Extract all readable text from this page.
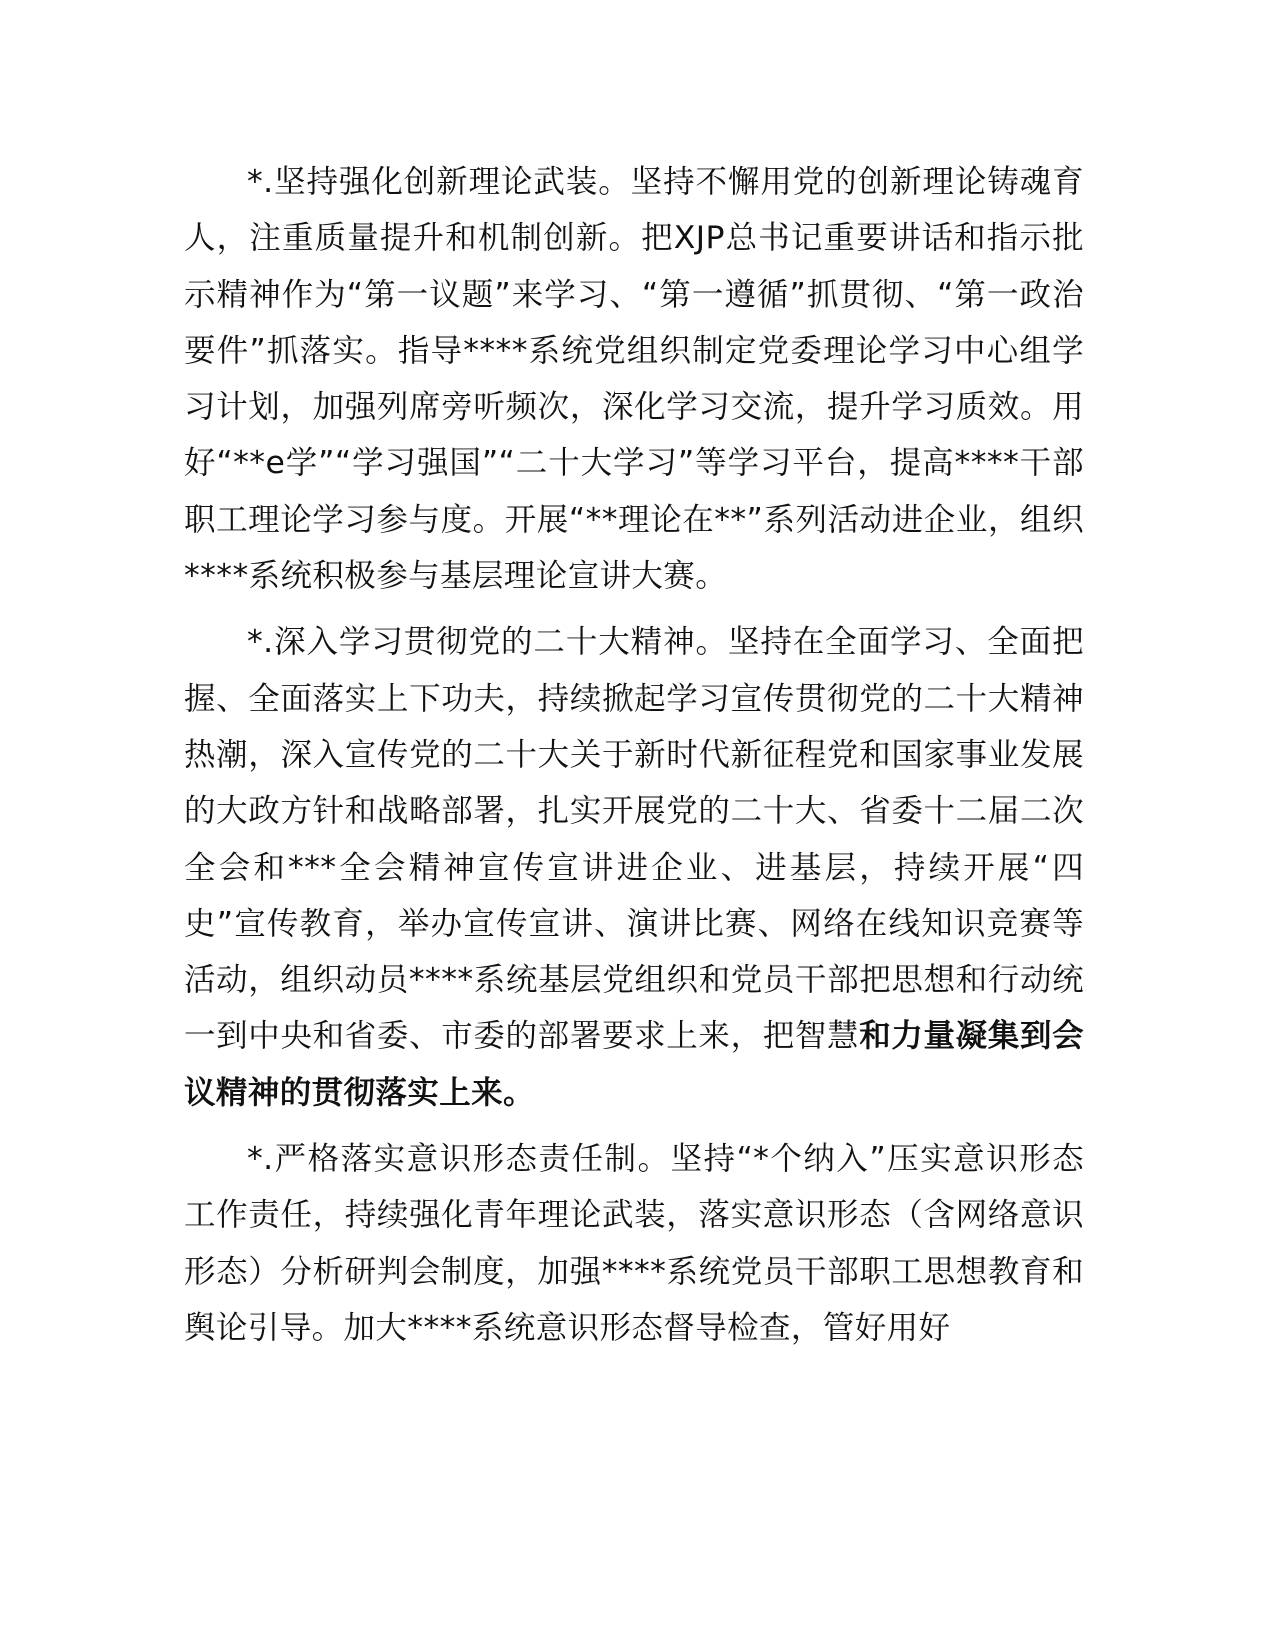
*.坚持强化创新理论武装。坚持不懈用党的创新理论铸魂育人，注重质量提升和机制创新。把XJP总书记重要讲话和指示批示精神作为“第一议题”来学习、“第一遵循”抓贯彻、“第一政治要件”抓落实。指导****系统党组织制定党委理论学习中心组学习计划，加强列席旁听频次，深化学习交流，提升学习质效。用好“**e学”“学习强国”“二十大学习”等学习平台，提高****干部职工理论学习参与度。开展“**理论在**”系列活动进企业，组织****系统积极参与基层理论宣讲大赛。

*.深入学习贯彻党的二十大精神。坚持在全面学习、全面把握、全面落实上下功夫，持续掀起学习宣传贯彻党的二十大精神热潮，深入宣传党的二十大关于新时代新征程党和国家事业发展的大政方针和战略部署，扎实开展党的二十大、省委十二届二次全会和***全会精神宣传宣讲进企业、进基层，持续开展“四史”宣传教育，举办宣传宣讲、演讲比赛、网络在线知识竞赛等活动，组织动员****系统基层党组织和党员干部把思想和行动统一到中央和省委、市委的部署要求上来，把智慧和力量凝集到会议精神的贯彻落实上来。

*.严格落实意识形态责任制。坚持“*个纳入”压实意识形态工作责任，持续强化青年理论武装，落实意识形态（含网络意识形态）分析研判会制度，加强****系统党员干部职工思想教育和舆论引导。加大****系统意识形态督导检查，管好用好
